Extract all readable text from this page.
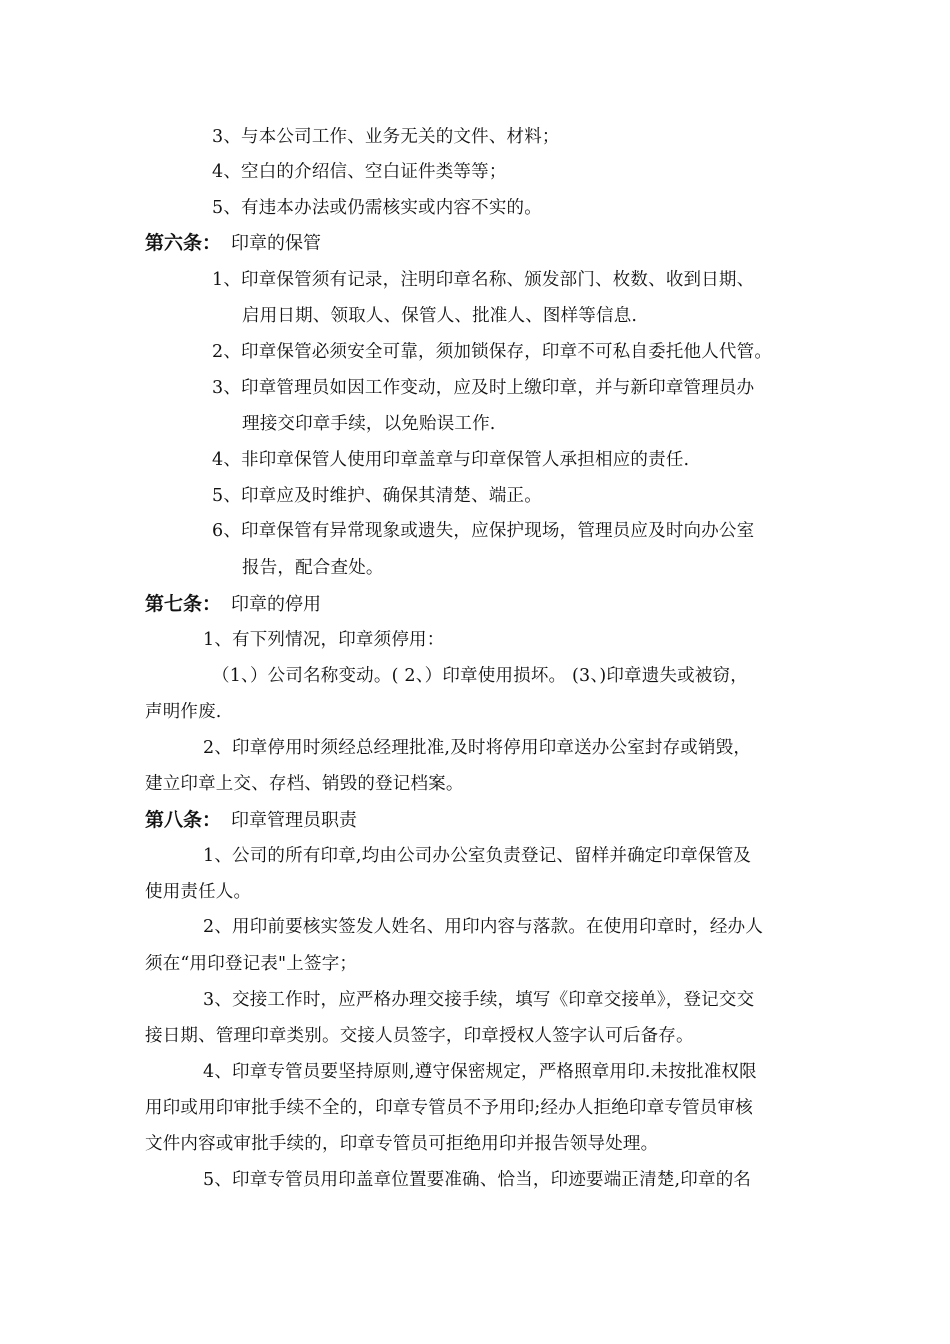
3、与本公司工作、业务无关的文件、材料；
4、空白的介绍信、空白证件类等等；
5、有违本办法或仍需核实或内容不实的。
第六条： 印章的保管
1、印章保管须有记录，注明印章名称、颁发部门、枚数、收到日期、
启用日期、领取人、保管人、批准人、图样等信息.
2、印章保管必须安全可靠，须加锁保存，印章不可私自委托他人代管。
3、印章管理员如因工作变动，应及时上缴印章，并与新印章管理员办
理接交印章手续，以免贻误工作.
4、非印章保管人使用印章盖章与印章保管人承担相应的责任.
5、印章应及时维护、确保其清楚、端正。
6、印章保管有异常现象或遗失，应保护现场，管理员应及时向办公室
报告，配合查处。
第七条： 印章的停用
1、有下列情况，印章须停用：
（1、）公司名称变动。( 2、）印章使用损坏。 (3、)印章遗失或被窃，
声明作废.
2、印章停用时须经总经理批准,及时将停用印章送办公室封存或销毁，
建立印章上交、存档、销毁的登记档案。
第八条： 印章管理员职责
1、公司的所有印章,均由公司办公室负责登记、留样并确定印章保管及
使用责任人。
2、用印前要核实签发人姓名、用印内容与落款。在使用印章时，经办人
须在“用印登记表"上签字；
3、交接工作时，应严格办理交接手续，填写《印章交接单》，登记交交
接日期、管理印章类别。交接人员签字，印章授权人签字认可后备存。
4、印章专管员要坚持原则,遵守保密规定，严格照章用印.未按批准权限
用印或用印审批手续不全的，印章专管员不予用印;经办人拒绝印章专管员审核
文件内容或审批手续的，印章专管员可拒绝用印并报告领导处理。
5、印章专管员用印盖章位置要准确、恰当，印迹要端正清楚,印章的名
